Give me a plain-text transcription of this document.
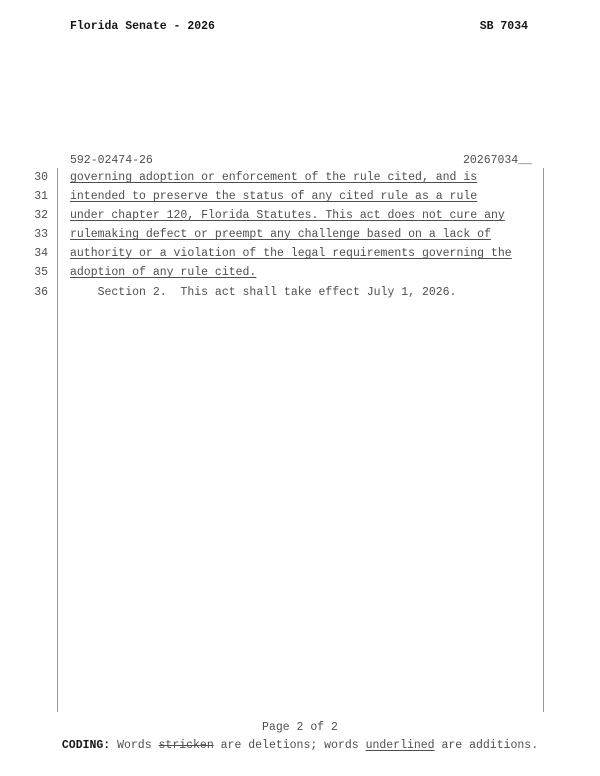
Florida Senate - 2026	SB 7034
592-02474-26	20267034__
30 governing adoption or enforcement of the rule cited, and is
31 intended to preserve the status of any cited rule as a rule
32 under chapter 120, Florida Statutes. This act does not cure any
33 rulemaking defect or preempt any challenge based on a lack of
34 authority or a violation of the legal requirements governing the
35 adoption of any rule cited.
36 Section 2.  This act shall take effect July 1, 2026.
Page 2 of 2
CODING: Words stricken are deletions; words underlined are additions.
